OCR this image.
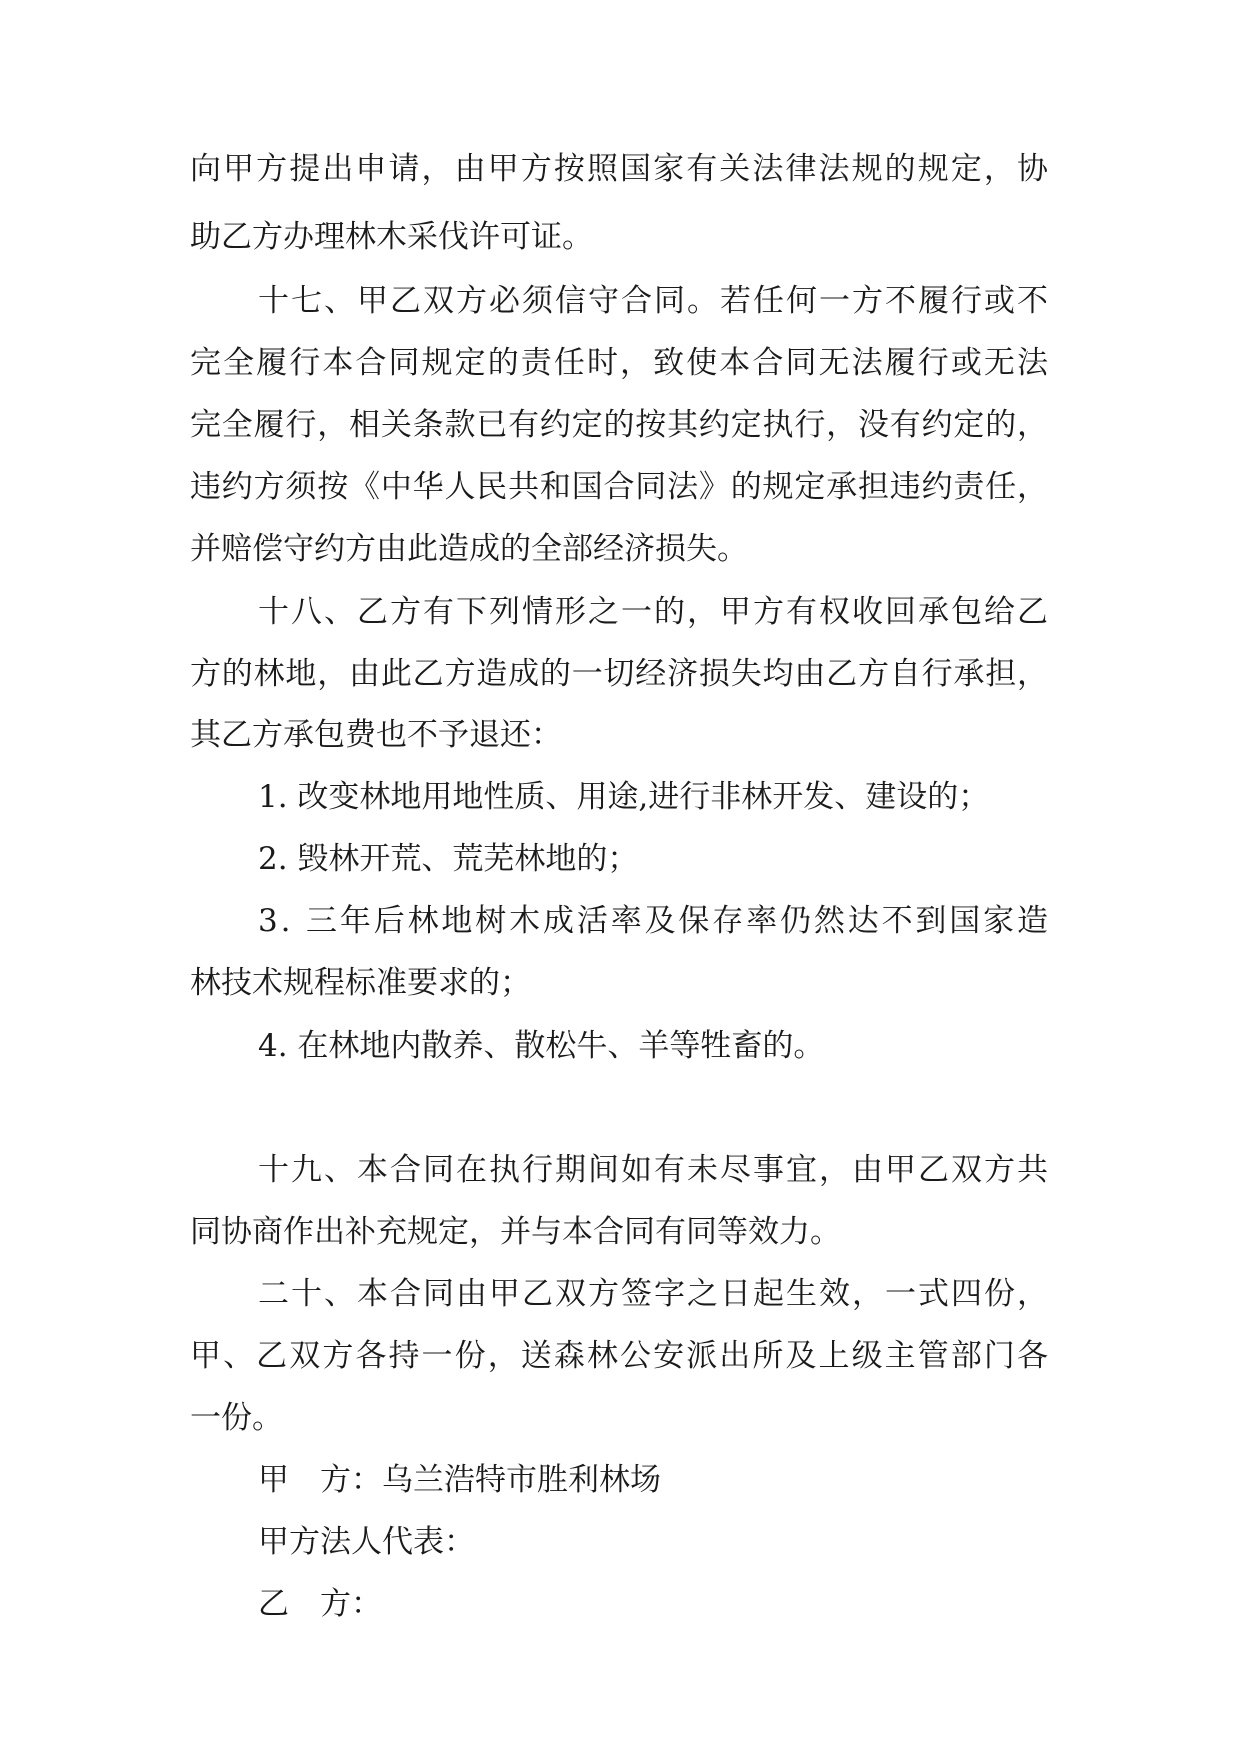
向甲方提出申请，由甲方按照国家有关法律法规的规定，协
助乙方办理林木采伐许可证。
十七、甲乙双方必须信守合同。若任何一方不履行或不
完全履行本合同规定的责任时，致使本合同无法履行或无法
完全履行，相关条款已有约定的按其约定执行，没有约定的，
违约方须按《中华人民共和国合同法》的规定承担违约责任，
并赔偿守约方由此造成的全部经济损失。
十八、乙方有下列情形之一的，甲方有权收回承包给乙
方的林地，由此乙方造成的一切经济损失均由乙方自行承担，
其乙方承包费也不予退还：
1. 改变林地用地性质、用途,进行非林开发、建设的；
2. 毁林开荒、荒芜林地的；
3. 三年后林地树木成活率及保存率仍然达不到国家造
林技术规程标准要求的；
4. 在林地内散养、散松牛、羊等牲畜的。
十九、本合同在执行期间如有未尽事宜，由甲乙双方共
同协商作出补充规定，并与本合同有同等效力。
二十、本合同由甲乙双方签字之日起生效，一式四份，
甲、乙双方各持一份，送森林公安派出所及上级主管部门各
一份。
甲　方：乌兰浩特市胜利林场
甲方法人代表：
乙　方：
